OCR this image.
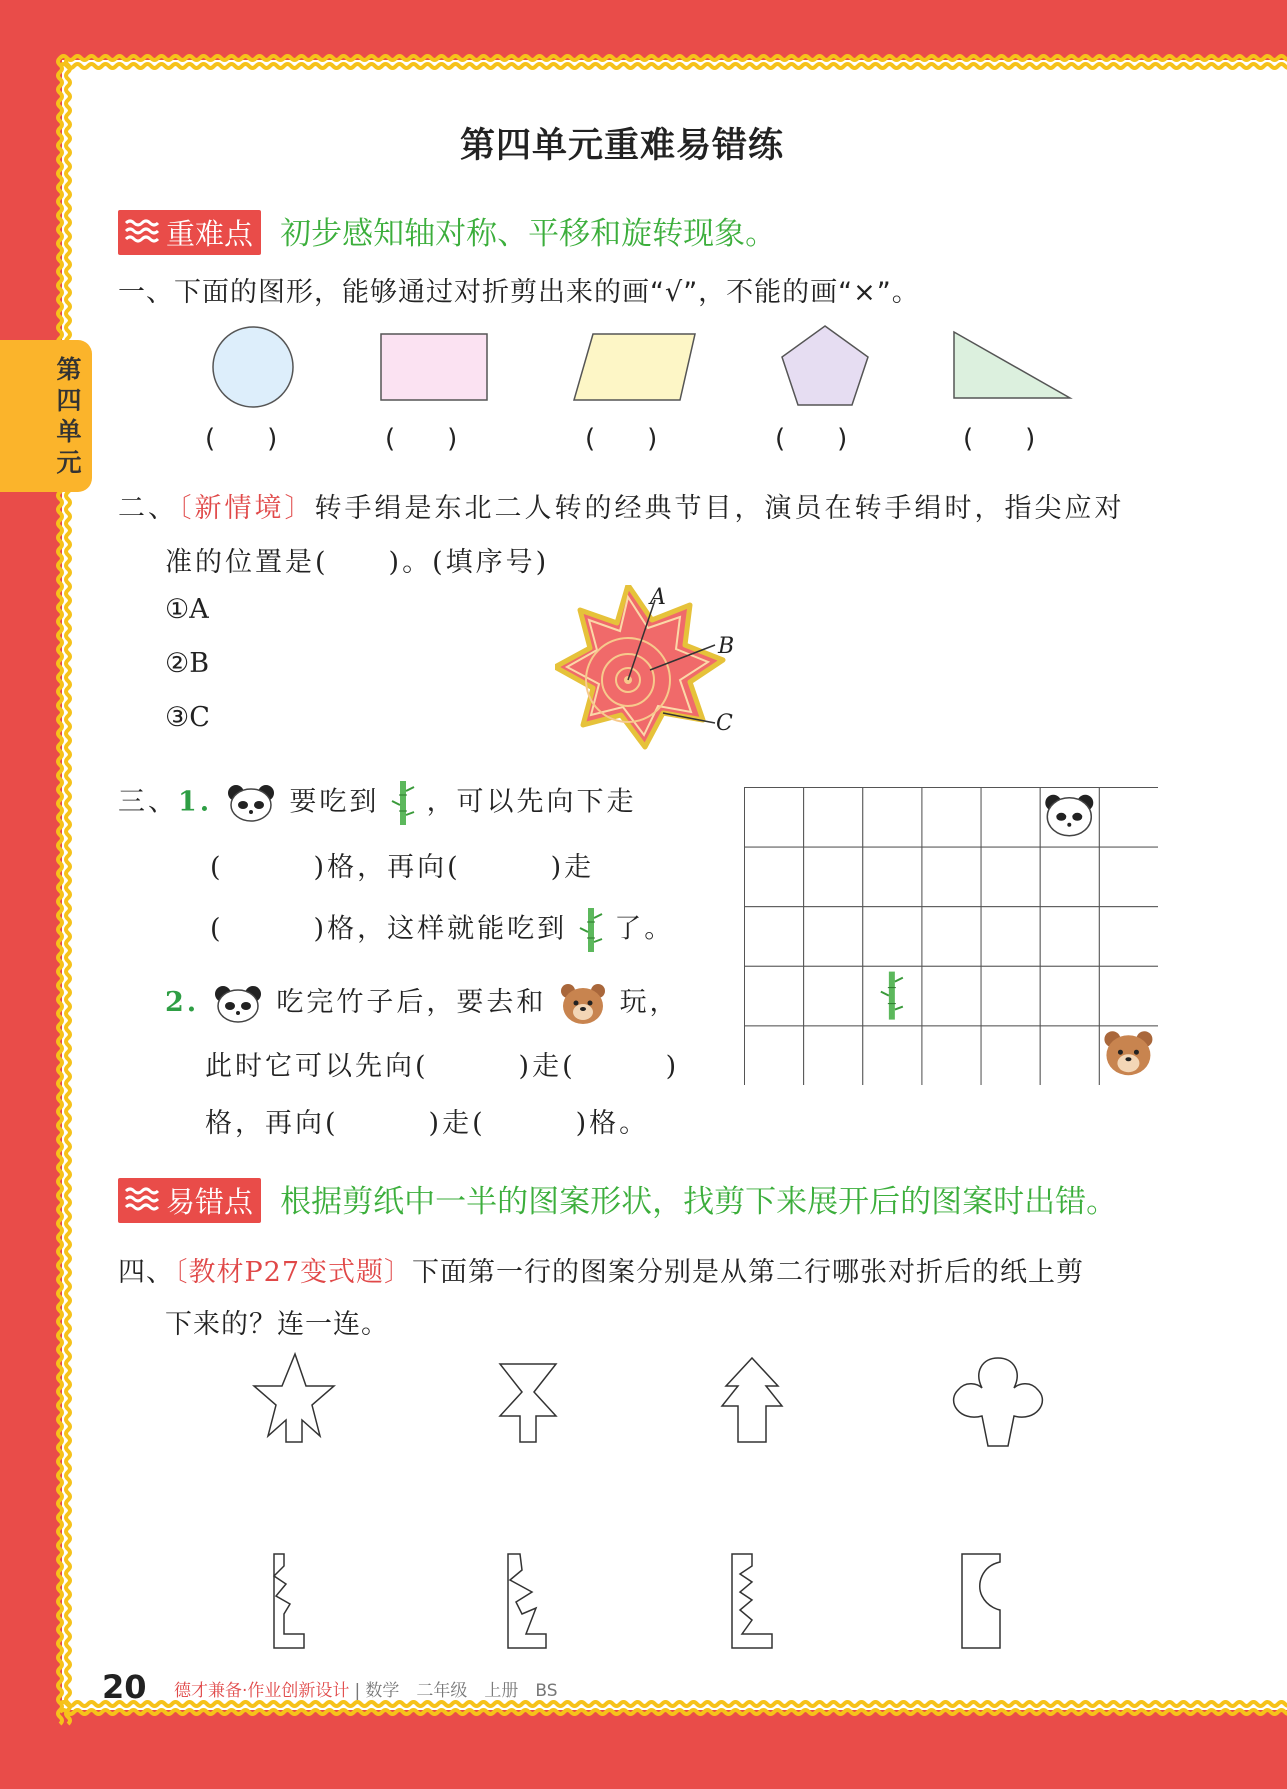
第四单元
第四单元重难易错练
重难点 初步感知轴对称、平移和旋转现象。
一、下面的图形，能够通过对折剪出来的画“√”，不能的画“×”。
(　　)	(　　)	(　　)	(　　)	(　　)
二、〔新情境〕转手绢是东北二人转的经典节目，演员在转手绢时，指尖应对
准的位置是(　　)。(填序号)
①A
②B
③C
A
B
C
三、1.	要吃到 ，可以先向下走
(　　　)格，再向(　　　)走
(　　　)格，这样就能吃到 了。
2.	吃完竹子后，要去和	玩，
此时它可以先向(　　　)走(　　　)
格，再向(　　　)走(　　　)格。
易错点 根据剪纸中一半的图案形状，找剪下来展开后的图案时出错。
四、〔教材P27变式题〕下面第一行的图案分别是从第二行哪张对折后的纸上剪
下来的？连一连。
20 德才兼备·作业创新设计 | 数学　二年级　上册　BS
